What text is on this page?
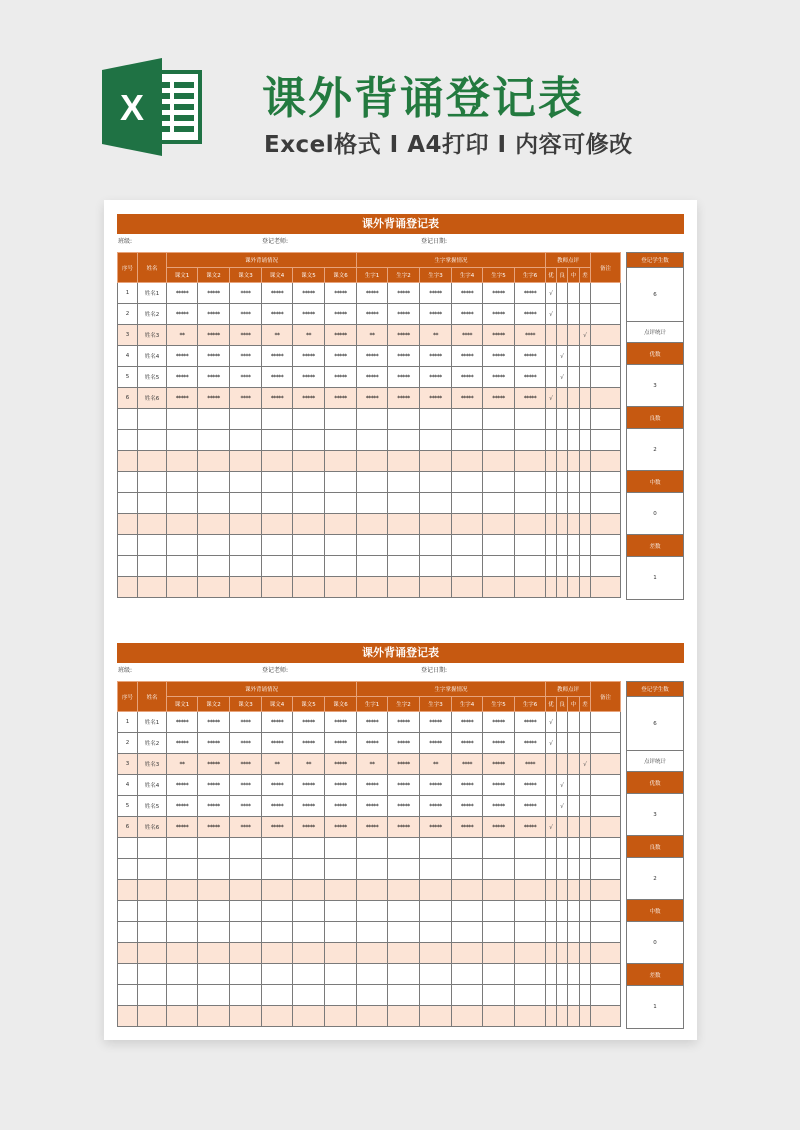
X	课外背诵登记表
Excel格式 I A4打印 I 内容可修改
课外背诵登记表
班级:	登记老师:	登记日期:
序号	姓名	课外背诵情况						生字掌握情况						教师点评				备注
		课文1	课文2	课文3	课文4	课文5	课文6	生字1	生字2	生字3	生字4	生字5	生字6	优	良	中	差	
1	姓名1	*****	*****	****	*****	*****	*****	*****	*****	*****	*****	*****	*****	√				
2	姓名2	*****	*****	****	*****	*****	*****	*****	*****	*****	*****	*****	*****	√				
3	姓名3	**	*****	****	**	**	*****	**	*****	**	****	*****	****				√	
4	姓名4	*****	*****	****	*****	*****	*****	*****	*****	*****	*****	*****	*****		√			
5	姓名5	*****	*****	****	*****	*****	*****	*****	*****	*****	*****	*****	*****		√			
6	姓名6	*****	*****	****	*****	*****	*****	*****	*****	*****	*****	*****	*****	√				

登记学生数
6
点评统计
优数
3
良数
2
中数
0
差数
1
课外背诵登记表
班级:	登记老师:	登记日期:
序号	姓名	课外背诵情况						生字掌握情况						教师点评				备注
		课文1	课文2	课文3	课文4	课文5	课文6	生字1	生字2	生字3	生字4	生字5	生字6	优	良	中	差	
1	姓名1	*****	*****	****	*****	*****	*****	*****	*****	*****	*****	*****	*****	√				
2	姓名2	*****	*****	****	*****	*****	*****	*****	*****	*****	*****	*****	*****	√				
3	姓名3	**	*****	****	**	**	*****	**	*****	**	****	*****	****				√	
4	姓名4	*****	*****	****	*****	*****	*****	*****	*****	*****	*****	*****	*****		√			
5	姓名5	*****	*****	****	*****	*****	*****	*****	*****	*****	*****	*****	*****		√			
6	姓名6	*****	*****	****	*****	*****	*****	*****	*****	*****	*****	*****	*****	√				

登记学生数
6
点评统计
优数
3
良数
2
中数
0
差数
1
